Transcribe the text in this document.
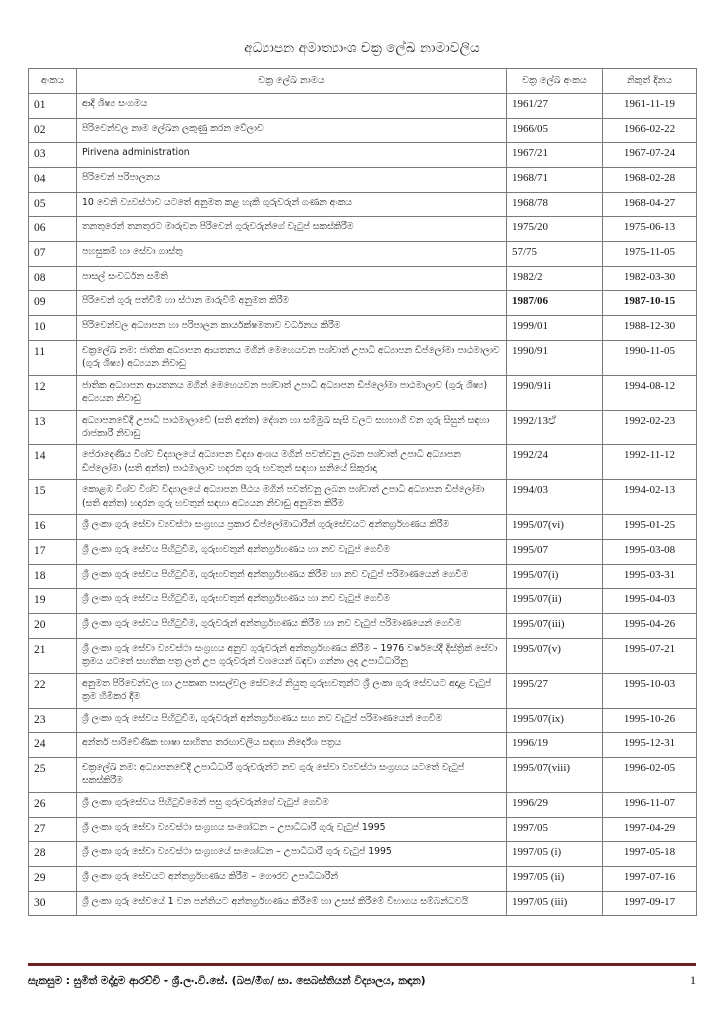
අධ්‍යාපන අමාත්‍යාංශ චක්‍ර ලේඛ නාමාවලිය
අංකය	චක්‍ර ලේඛ නාමය	චක්‍ර ලේඛ අංකය	නිකුත් දිනය
01	ආදි ශිෂ්‍ය සංගමය	1961/27	1961-11-19
02	පිරිවෙන්වල නාම ලේඛන ලකුණු කරන වේලාව	1966/05	1966-02-22
03	Pirivena administration	1967/21	1967-07-24
04	පිරිවෙන් පරිපාලනය	1968/71	1968-02-28
05	10 වෙනි ව්‍යවස්ථාව යටතේ අනුමත කළ හැකි ගුරුවරුන් ගණන අංකය	1968/78	1968-04-27
06	තනතුරෙන් තනතුරට මාරුවන පිරිවෙන් ගුරුවරුන්ගේ වැටුප් සකස්කිරීම	1975/20	1975-06-13
07	පහසුකම් හා සේවා ගාස්තු	57/75	1975-11-05
08	පාසල් සංවර්ධන සමිති	1982/2	1982-03-30
09	පිරිවෙන් ගුරු පත්වීම් හා ස්ථාන මාරුවීම් අනුමත කිරීම	1987/06	1987-10-15
10	පිරිවෙන්වල අධ්‍යාපන හා පරිපාලන කාර්යක්ෂමතාව වර්ධනය කිරීම	1999/01	1988-12-30
11	චක්‍රලේඛ නම: ජාතික අධ්‍යාපන ආයතනය මගින් මෙහෙයවන පශ්චාත් උපාධි අධ්‍යාපන ඩිප්ලෝමා පාඨමාලාව (ගුරු ශිෂ්‍ය) අධ්‍යයන නිවාඩු	1990/91	1990-11-05
12	ජාතික අධ්‍යාපන ආයතනය මගින් මෙහෙයවන පශ්චාත් උපාධි අධ්‍යාපන ඩිප්ලෝමා පාඨමාලාව (ගුරු ශිෂ්‍ය) අධ්‍යයන නිවාඩු	1990/91i	1994-08-12
13	අධ්‍යාපනවේදී උපාධි පාඨමාලාවේ (සති අන්ත) දේශන හා සම්මුඛ සැසි වලට සහභාගි වන ගුරු සිසුන් සඳහා රාජකාරී නිවාඩු	1992/13ඒ	1992-02-23
14	පේරාදෙණිය විශ්ව විද්‍යාලයේ අධ්‍යාපන විද්‍යා අංශය මගින් පවත්වනු ලබන පශ්චාත් උපාධි අධ්‍යාපන ඩිප්ලෝමා (සති අන්ත) පාඨමාලාව හදාරන ගුරු භවතුන් සඳහා සනියේ සිකුරාදා	1992/24	1992-11-12
15	කොළඹ විශ්ව විශ්ව විද්‍යාලයේ අධ්‍යාපන පීඨය මගින් පවත්වනු ලබන පශ්චාත් උපාධි අධ්‍යාපන ඩිප්ලෝමා (සති අන්ත) හදාරන ගුරු භවතුන් සඳහා අධ්‍යයන නිවාඩු අනුමත කිරීම	1994/03	1994-02-13
16	ශ්‍රී ලංකා ගුරු සේවා ව්‍යවස්ථා සංග්‍රහය ප්‍රකාර ඩිප්ලෝමාධාරීන් ගුරුසේවයට අන්තර්ග්‍රහණය කිරීම	1995/07(vi)	1995-01-25
17	ශ්‍රී ලංකා ගුරු සේවය පිහිටුවීම, ගුරුභවතුන් අන්තර්ග්‍රහණය හා නව වැටුප් ගෙවීම	1995/07	1995-03-08
18	ශ්‍රී ලංකා ගුරු සේවය පිහිටුවීම, ගුරුභවතුන් අන්තර්ග්‍රහණය කිරීම හා නව වැටුප් පරිමාණයෙන් ගෙවීම	1995/07(i)	1995-03-31
19	ශ්‍රී ලංකා ගුරු සේවය පිහිටුවීම, ගුරුභවතුන් අන්තර්ග්‍රහණය හා නව වැටුප් ගෙවීම	1995/07(ii)	1995-04-03
20	ශ්‍රී ලංකා ගුරු සේවය පිහිටුවීම, ගුරුවරුන් අන්තර්ග්‍රහණය කිරීම හා නව වැටුප් පරිමාණයෙන් ගෙවීම	1995/07(iii)	1995-04-26
21	ශ්‍රී ලංකා ගුරු සේවා ව්‍යවස්ථා සංග්‍රහය අනුව ගුරුවරුන් අන්තර්ග්‍රහණය කිරීම – 1976 වර්ෂයේදී දිස්ත්‍රික් සේවා ක්‍රමය යටතේ සහතික පත්‍ර ලත් උප ගුරුවරුන් වශයෙන් බඳවා ගන්නා ලද උපාධිධාරිනු	1995/07(v)	1995-07-21
22	අනුමත පිරිවෙන්වල හා උපකෘත පාසල්වල සේවයේ නියුතු ගුරුභවතුන්ට ශ්‍රී ලංකා ගුරු සේවයට අදාළ වැටුප් ක්‍රම හිමිකර දීම	1995/27	1995-10-03
23	ශ්‍රී ලංකා ගුරු සේවය පිහිටුවීම, ගුරුවරුන් අන්තර්ග්‍රහණය සහ නව වැටුප් පරිමාණයෙන් ගෙවීම	1995/07(ix)	1995-10-26
24	අන්තර් පාරිවේණික භාෂා සාහිත්‍ය තරඟාවලිය සඳහා නිර්දේශ පත්‍රය	1996/19	1995-12-31
25	චක්‍රලේඛ නම: අධ්‍යාපනවේදී උපාධිධාරී ගුරුවරුන්ට නව ගුරු සේවා ව්‍යවස්ථා සංග්‍රහය යටතේ වැටුප් සකස්කිරීම	1995/07(viii)	1996-02-05
26	ශ්‍රී ලංකා ගුරුසේවය පිහිටුවීමෙන් පසු ගුරුවරුන්ගේ වැටුප් ගෙවීම	1996/29	1996-11-07
27	ශ්‍රී ලංකා ගුරු සේවා ව්‍යවස්ථා සංග්‍රහය සංශෝධන – උපාධිධාරී ගුරු වැටුප් 1995	1997/05	1997-04-29
28	ශ්‍රී ලංකා ගුරු සේවා ව්‍යවස්ථා සංග්‍රහයේ සංශෝධන – උපාධිධාරී ගුරු වැටුප් 1995	1997/05 (i)	1997-05-18
29	ශ්‍රී ලංකා ගුරු සේවයට අන්තර්ග්‍රහණය කිරීම – ගෞරව උපාධිධාරීන්	1997/05 (ii)	1997-07-16
30	ශ්‍රී ලංකා ගුරු සේවයේ 1 වන පන්තියට අන්තර්ග්‍රහණය කිරීමේ හා උසස් කිරීමේ විභාගය සම්බන්ධවයි	1997/05 (iii)	1997-09-17
සැකසුම : සුමිත් මද්දුම ආරච්චි - ශ්‍රී.ලං.වි.සේ. (බප/මීග/ සා. සෙබස්තියන් විද්‍යාලය, කඳාන)	1
